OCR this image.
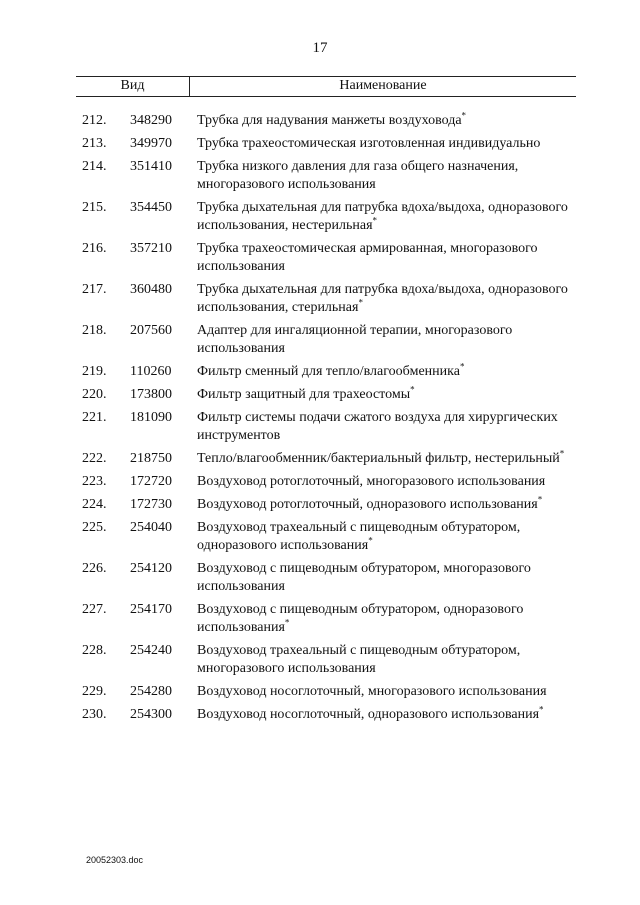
17
Вид	Наименование
212. 348290 Трубка для надувания манжеты воздуховода*
213. 349970 Трубка трахеостомическая изготовленная индивидуально
214. 351410 Трубка низкого давления для газа общего назначения, многоразового использования
215. 354450 Трубка дыхательная для патрубка вдоха/выдоха, одноразового использования, нестерильная*
216. 357210 Трубка трахеостомическая армированная, многоразового использования
217. 360480 Трубка дыхательная для патрубка вдоха/выдоха, одноразового использования, стерильная*
218. 207560 Адаптер для ингаляционной терапии, многоразового использования
219. 110260 Фильтр сменный для тепло/влагообменника*
220. 173800 Фильтр защитный для трахеостомы*
221. 181090 Фильтр системы подачи сжатого воздуха для хирургических инструментов
222. 218750 Тепло/влагообменник/бактериальный фильтр, нестерильный*
223. 172720 Воздуховод ротоглоточный, многоразового использования
224. 172730 Воздуховод ротоглоточный, одноразового использования*
225. 254040 Воздуховод трахеальный с пищеводным обтуратором, одноразового использования*
226. 254120 Воздуховод с пищеводным обтуратором, многоразового использования
227. 254170 Воздуховод с пищеводным обтуратором, одноразового использования*
228. 254240 Воздуховод трахеальный с пищеводным обтуратором, многоразового использования
229. 254280 Воздуховод носоглоточный, многоразового использования
230. 254300 Воздуховод носоглоточный, одноразового использования*
20052303.doc
